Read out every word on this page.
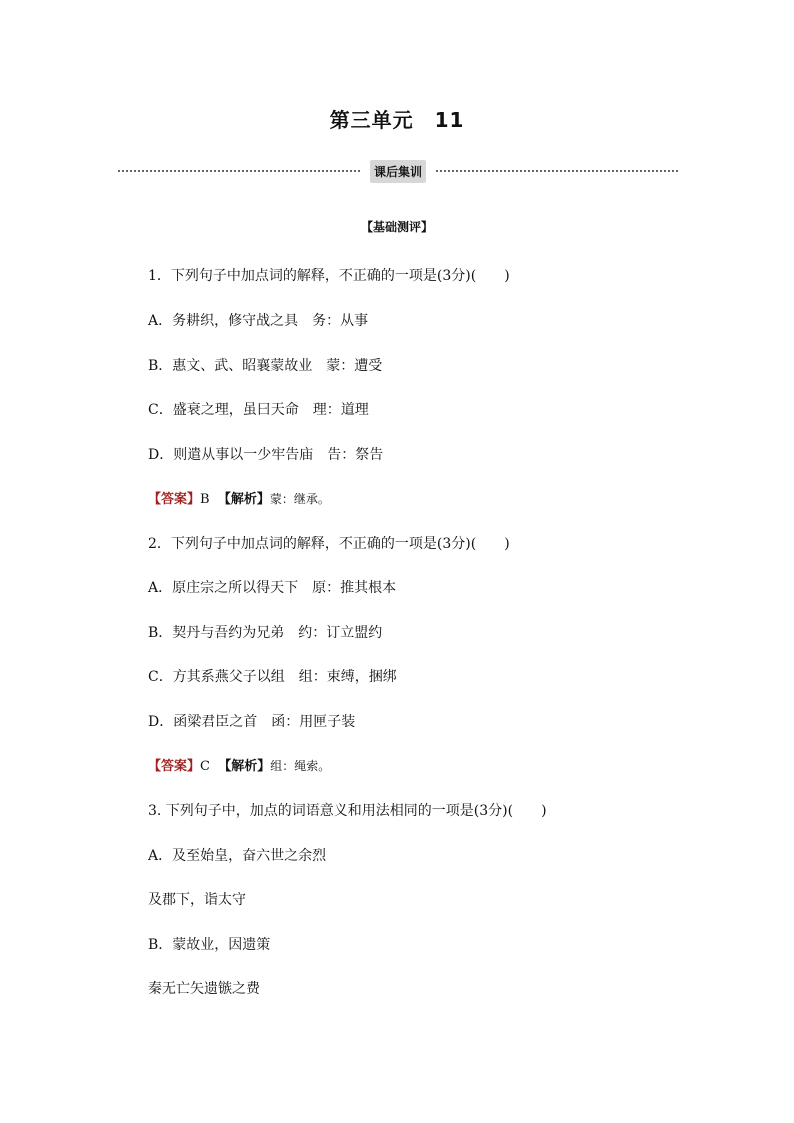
第三单元　11
课后集训
【基础测评】
1．下列句子中加点词的解释，不正确的一项是(3分)(　　)
A．务耕织，修守战之具　务：从事
B．惠文、武、昭襄蒙故业　蒙：遭受
C．盛衰之理，虽曰天命　理：道理
D．则遣从事以一少牢告庙　告：祭告
【答案】B 【解析】蒙：继承。
2．下列句子中加点词的解释，不正确的一项是(3分)(　　)
A．原庄宗之所以得天下　原：推其根本
B．契丹与吾约为兄弟　约：订立盟约
C．方其系燕父子以组　组：束缚，捆绑
D．函梁君臣之首　函：用匣子装
【答案】C 【解析】组：绳索。
3. 下列句子中，加点的词语意义和用法相同的一项是(3分)(　　)
A．及至始皇，奋六世之余烈
及郡下，诣太守
B．蒙故业，因遗策
秦无亡矢遗镞之费
